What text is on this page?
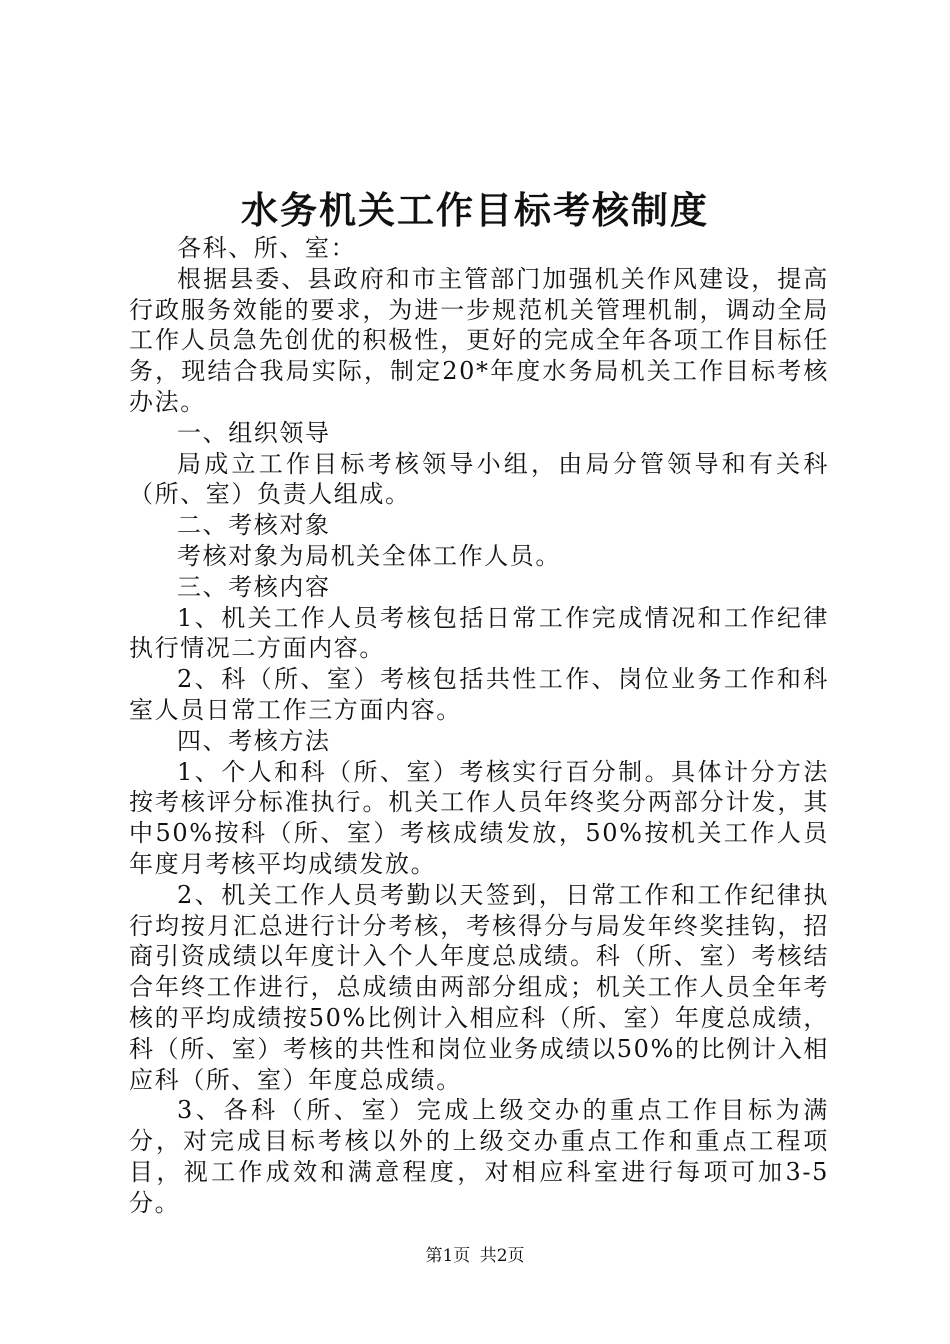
水务机关工作目标考核制度

各科、所、室：

根据县委、县政府和市主管部门加强机关作风建设，提高行政服务效能的要求，为进一步规范机关管理机制，调动全局工作人员急先创优的积极性，更好的完成全年各项工作目标任务，现结合我局实际，制定20*年度水务局机关工作目标考核办法。

一、组织领导

局成立工作目标考核领导小组，由局分管领导和有关科（所、室）负责人组成。

二、考核对象

考核对象为局机关全体工作人员。

三、考核内容

1、机关工作人员考核包括日常工作完成情况和工作纪律执行情况二方面内容。

2、科（所、室）考核包括共性工作、岗位业务工作和科室人员日常工作三方面内容。

四、考核方法

1、个人和科（所、室）考核实行百分制。具体计分方法按考核评分标准执行。机关工作人员年终奖分两部分计发，其中50%按科（所、室）考核成绩发放，50%按机关工作人员年度月考核平均成绩发放。

2、机关工作人员考勤以天签到，日常工作和工作纪律执行均按月汇总进行计分考核，考核得分与局发年终奖挂钩，招商引资成绩以年度计入个人年度总成绩。科（所、室）考核结合年终工作进行，总成绩由两部分组成；机关工作人员全年考核的平均成绩按50%比例计入相应科（所、室）年度总成绩，科（所、室）考核的共性和岗位业务成绩以50%的比例计入相应科（所、室）年度总成绩。

3、各科（所、室）完成上级交办的重点工作目标为满分，对完成目标考核以外的上级交办重点工作和重点工程项目，视工作成效和满意程度，对相应科室进行每项可加3-5分。

第1页 共2页
